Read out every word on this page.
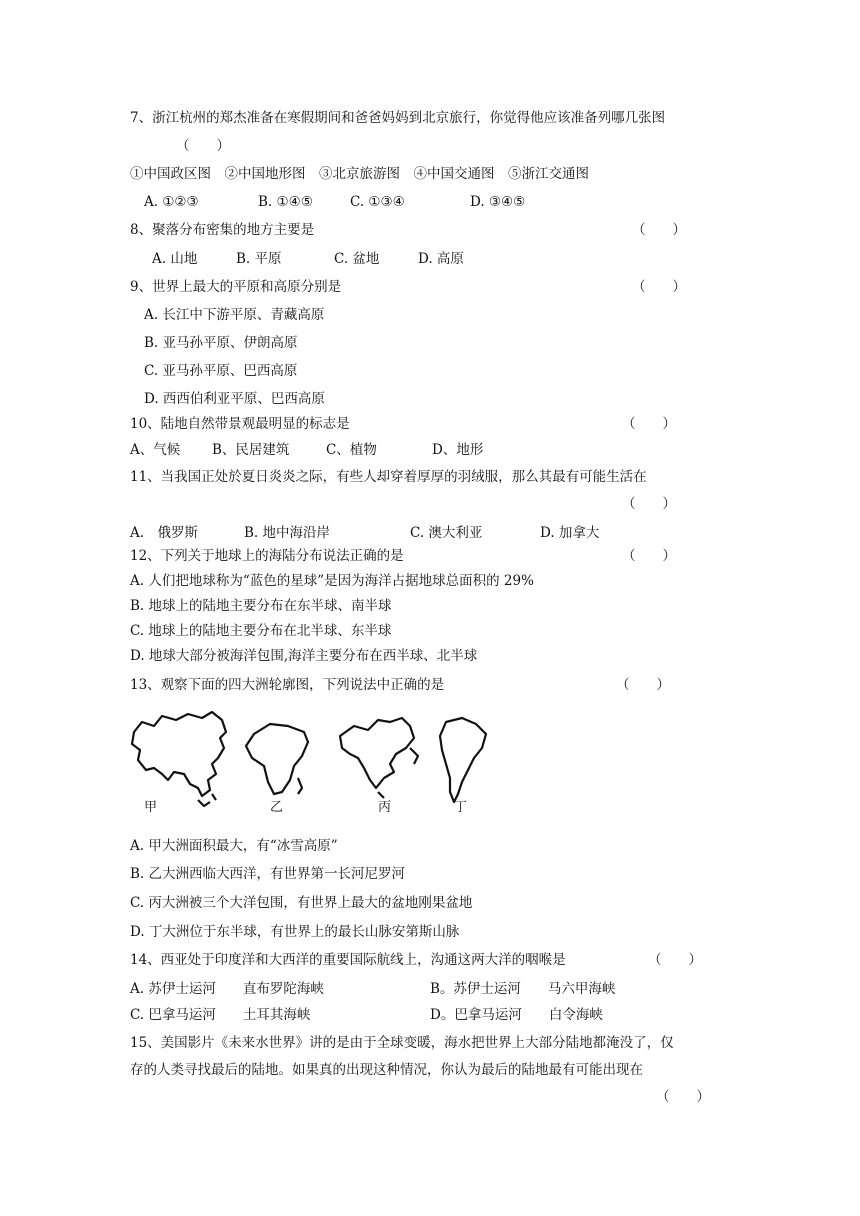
7、浙江杭州的郑杰准备在寒假期间和爸爸妈妈到北京旅行，你觉得他应该准备列哪几张图
（　　）
①中国政区图　②中国地形图　③北京旅游图　④中国交通图　⑤浙江交通图
A. ①②③	B. ①④⑤	C. ①③④	D. ③④⑤
8、聚落分布密集的地方主要是	（　　）
A. 山地	B. 平原	C. 盆地	D. 高原
9、世界上最大的平原和高原分别是	（　　）
A. 长江中下游平原、青藏高原
B. 亚马孙平原、伊朗高原
C. 亚马孙平原、巴西高原
D. 西西伯利亚平原、巴西高原
10、陆地自然带景观最明显的标志是	（　　）
A、气候 B、民居建筑	C、植物	D、地形
11、当我国正处於夏日炎炎之际，有些人却穿着厚厚的羽绒服，那么其最有可能生活在
（　　）
A.　俄罗斯	B. 地中海沿岸	C. 澳大利亚	D. 加拿大
12、下列关于地球上的海陆分布说法正确的是	（　　）
A. 人们把地球称为“蓝色的星球”是因为海洋占据地球总面积的 29%
B. 地球上的陆地主要分布在东半球、南半球
C. 地球上的陆地主要分布在北半球、东半球
D. 地球大部分被海洋包围,海洋主要分布在西半球、北半球
13、观察下面的四大洲轮廓图，下列说法中正确的是	（　　）
甲	乙	丙	丁
A. 甲大洲面积最大，有“冰雪高原”
B. 乙大洲西临大西洋，有世界第一长河尼罗河
C. 丙大洲被三个大洋包围，有世界上最大的盆地刚果盆地
D. 丁大洲位于东半球，有世界上的最长山脉安第斯山脉
14、西亚处于印度洋和大西洋的重要国际航线上，沟通这两大洋的咽喉是	（　　）
A. 苏伊士运河　　直布罗陀海峡	B。苏伊士运河　　马六甲海峡
C. 巴拿马运河　　土耳其海峡	D。巴拿马运河　　白令海峡
15、美国影片《未来水世界》讲的是由于全球变暖，海水把世界上大部分陆地都淹没了，仅
存的人类寻找最后的陆地。如果真的出现这种情况，你认为最后的陆地最有可能出现在
（　　）
